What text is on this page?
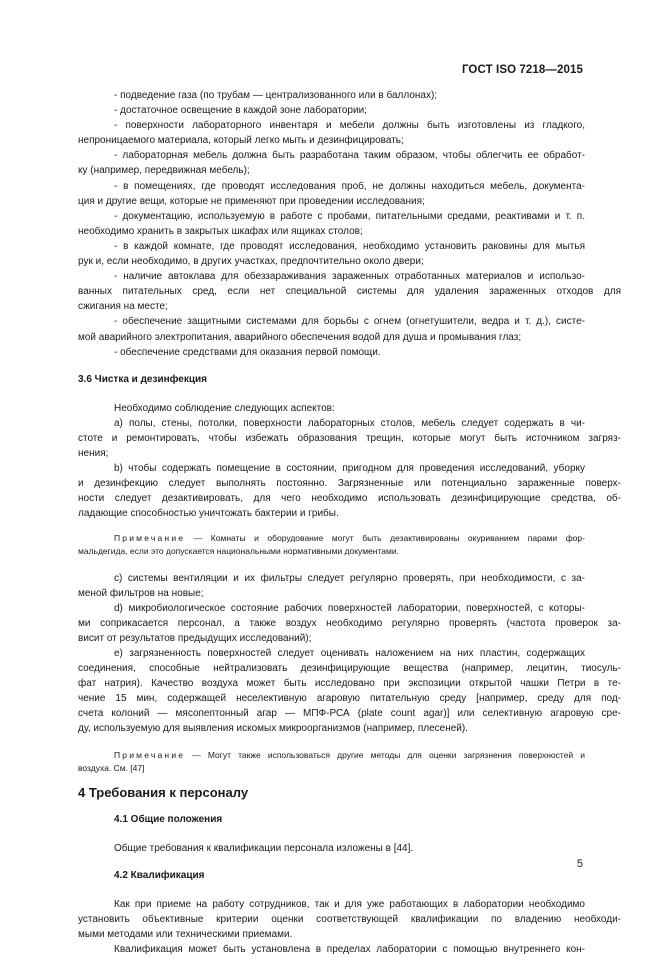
ГОСТ ISO 7218—2015

- подведение газа (по трубам — централизованного или в баллонах);

- достаточное освещение в каждой зоне лаборатории;

- поверхности лабораторного инвентаря и мебели должны быть изготовлены из гладкого,

непроницаемого материала, который легко мыть и дезинфицировать;

- лабораторная мебель должна быть разработана таким образом, чтобы облегчить ее обработ-

ку (например, передвижная мебель);

- в помещениях, где проводят исследования проб, не должны находиться мебель, документа-

ция и другие вещи, которые не применяют при проведении исследования;

- документацию, используемую в работе с пробами, питательными средами, реактивами и т. п.

необходимо хранить в закрытых шкафах или ящиках столов;

- в каждой комнате, где проводят исследования, необходимо установить раковины для мытья

рук и, если необходимо, в других участках, предпочтительно около двери;

- наличие автоклава для обеззараживания зараженных отработанных материалов и использо-

ванных питательных сред, если нет специальной системы для удаления зараженных отходов для

сжигания на месте;

- обеспечение защитными системами для борьбы с огнем (огнетушители, ведра и т. д.), систе-

мой аварийного электропитания, аварийного обеспечения водой для душа и промывания глаз;

- обеспечение средствами для оказания первой помощи.

3.6 Чистка и дезинфекция

Необходимо соблюдение следующих аспектов:

а) полы, стены, потолки, поверхности лабораторных столов, мебель следует содержать в чи-

стоте и ремонтировать, чтобы избежать образования трещин, которые могут быть источником загряз-

нения;

b) чтобы содержать помещение в состоянии, пригодном для проведения исследований, уборку

и дезинфекцию следует выполнять постоянно. Загрязненные или потенциально зараженные поверх-

ности следует дезактивировать, для чего необходимо использовать дезинфицирующие средства, об-

ладающие способностью уничтожать бактерии и грибы.

Примечание — Комнаты и оборудование могут быть дезактивированы окуриванием парами фор-

мальдегида, если это допускается национальными нормативными документами.

c) системы вентиляции и их фильтры следует регулярно проверять, при необходимости, с за-

меной фильтров на новые;

d) микробиологическое состояние рабочих поверхностей лаборатории, поверхностей, с которы-

ми соприкасается персонал, а также воздух необходимо регулярно проверять (частота проверок за-

висит от результатов предыдущих исследований);

e) загрязненность поверхностей следует оценивать наложением на них пластин, содержащих

соединения, способные нейтрализовать дезинфицирующие вещества (например, лецитин, тиосуль-

фат натрия). Качество воздуха может быть исследовано при экспозиции открытой чашки Петри в те-

чение 15 мин, содержащей неселективную агаровую питательную среду [например, среду для под-

счета колоний — мясопептонный агар — МПФ-РСА (plate count agar)] или селективную агаровую сре-

ду, используемую для выявления искомых микроорганизмов (например, плесеней).

Примечание — Могут также использоваться другие методы для оценки загрязнения поверхностей и

воздуха. См. [47]

4 Требования к персоналу

4.1 Общие положения

Общие требования к квалификации персонала изложены в [44].

4.2 Квалификация

Как при приеме на работу сотрудников, так и для уже работающих в лаборатории необходимо

установить объективные критерии оценки соответствующей квалификации по владению необходи-

мыми методами или техническими приемами.

Квалификация может быть установлена в пределах лаборатории с помощью внутреннего кон-

5
